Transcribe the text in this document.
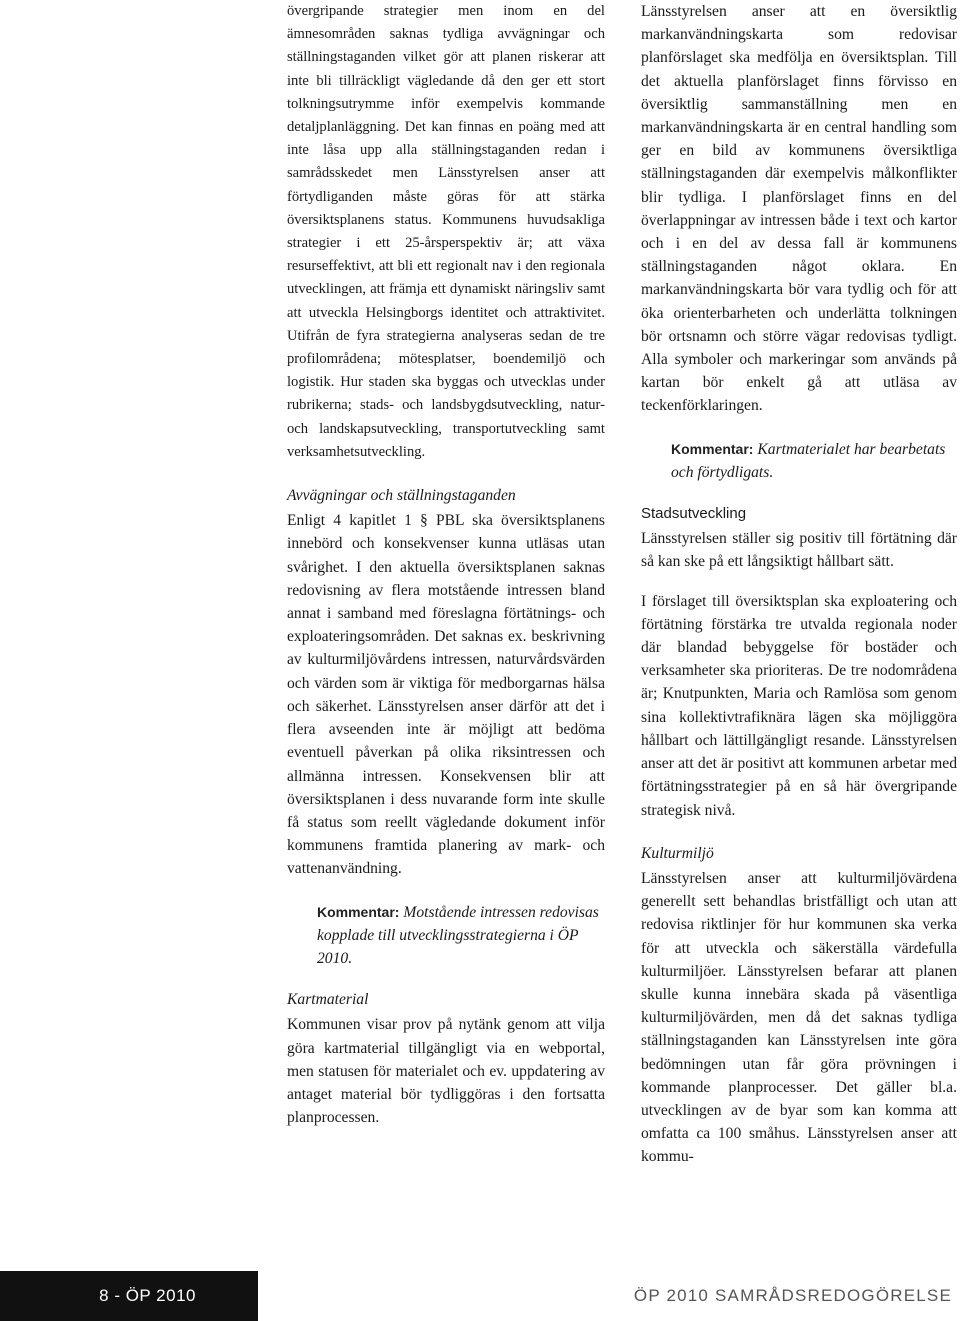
övergripande strategier men inom en del ämnesområden saknas tydliga avvägningar och ställningstaganden vilket gör att planen riskerar att inte bli tillräckligt vägledande då den ger ett stort tolkningsutrymme inför exempelvis kommande detaljplanläggning. Det kan finnas en poäng med att inte låsa upp alla ställningstaganden redan i samrådsskedet men Länsstyrelsen anser att förtydliganden måste göras för att stärka översiktsplanens status. Kommunens huvudsakliga strategier i ett 25-årsperspektiv är; att växa resurseffektivt, att bli ett regionalt nav i den regionala utvecklingen, att främja ett dynamiskt näringsliv samt att utveckla Helsingborgs identitet och attraktivitet. Utifrån de fyra strategierna analyseras sedan de tre profilområdena; mötesplatser, boendemiljö och logistik. Hur staden ska byggas och utvecklas under rubrikerna; stads- och landsbygdsutveckling, natur- och landskapsutveckling, transportutveckling samt verksamhetsutveckling.

Avvägningar och ställningstaganden

Enligt 4 kapitlet 1 § PBL ska översiktsplanens innebörd och konsekvenser kunna utläsas utan svårighet. I den aktuella översiktsplanen saknas redovisning av flera motstående intressen bland annat i samband med föreslagna förtätnings- och exploateringsområden. Det saknas ex. beskrivning av kulturmiljövårdens intressen, naturvårdsvärden och värden som är viktiga för medborgarnas hälsa och säkerhet. Länsstyrelsen anser därför att det i flera avseenden inte är möjligt att bedöma eventuell påverkan på olika riksintressen och allmänna intressen. Konsekvensen blir att översiktsplanen i dess nuvarande form inte skulle få status som reellt vägledande dokument inför kommunens framtida planering av mark- och vattenanvändning.

Kommentar: Motstående intressen redovisas kopplade till utvecklingsstrategierna i ÖP 2010.
Kartmaterial

Kommunen visar prov på nytänk genom att vilja göra kartmaterial tillgängligt via en webportal, men statusen för materialet och ev. uppdatering av antaget material bör tydliggöras i den fortsatta planprocessen.

Länsstyrelsen anser att en översiktlig markanvändningskarta som redovisar planförslaget ska medfölja en översiktsplan. Till det aktuella planförslaget finns förvisso en översiktlig sammanställning men en markanvändningskarta är en central handling som ger en bild av kommunens översiktliga ställningstaganden där exempelvis målkonflikter blir tydliga. I planförslaget finns en del överlappningar av intressen både i text och kartor och i en del av dessa fall är kommunens ställningstaganden något oklara. En markanvändningskarta bör vara tydlig och för att öka orienterbarheten och underlätta tolkningen bör ortsnamn och större vägar redovisas tydligt. Alla symboler och markeringar som används på kartan bör enkelt gå att utläsa av teckenförklaringen.

Kommentar: Kartmaterialet har bearbetats och förtydligats.
Stadsutveckling

Länsstyrelsen ställer sig positiv till förtätning där så kan ske på ett långsiktigt hållbart sätt.

I förslaget till översiktsplan ska exploatering och förtätning förstärka tre utvalda regionala noder där blandad bebyggelse för bostäder och verksamheter ska prioriteras. De tre nodområdena är; Knutpunkten, Maria och Ramlösa som genom sina kollektivtrafiknära lägen ska möjliggöra hållbart och lättillgängligt resande. Länsstyrelsen anser att det är positivt att kommunen arbetar med förtätningsstrategier på en så här övergripande strategisk nivå.

Kulturmiljö

Länsstyrelsen anser att kulturmiljövärdena generellt sett behandlas bristfälligt och utan att redovisa riktlinjer för hur kommunen ska verka för att utveckla och säkerställa värdefulla kulturmiljöer. Länsstyrelsen befarar att planen skulle kunna innebära skada på väsentliga kulturmiljövärden, men då det saknas tydliga ställningstaganden kan Länsstyrelsen inte göra bedömningen utan får göra prövningen i kommande planprocesser. Det gäller bl.a. utvecklingen av de byar som kan komma att omfatta ca 100 småhus. Länsstyrelsen anser att kommu-

8 - ÖP 2010	ÖP 2010 SAMRÅDSREDOGÖRELSE
